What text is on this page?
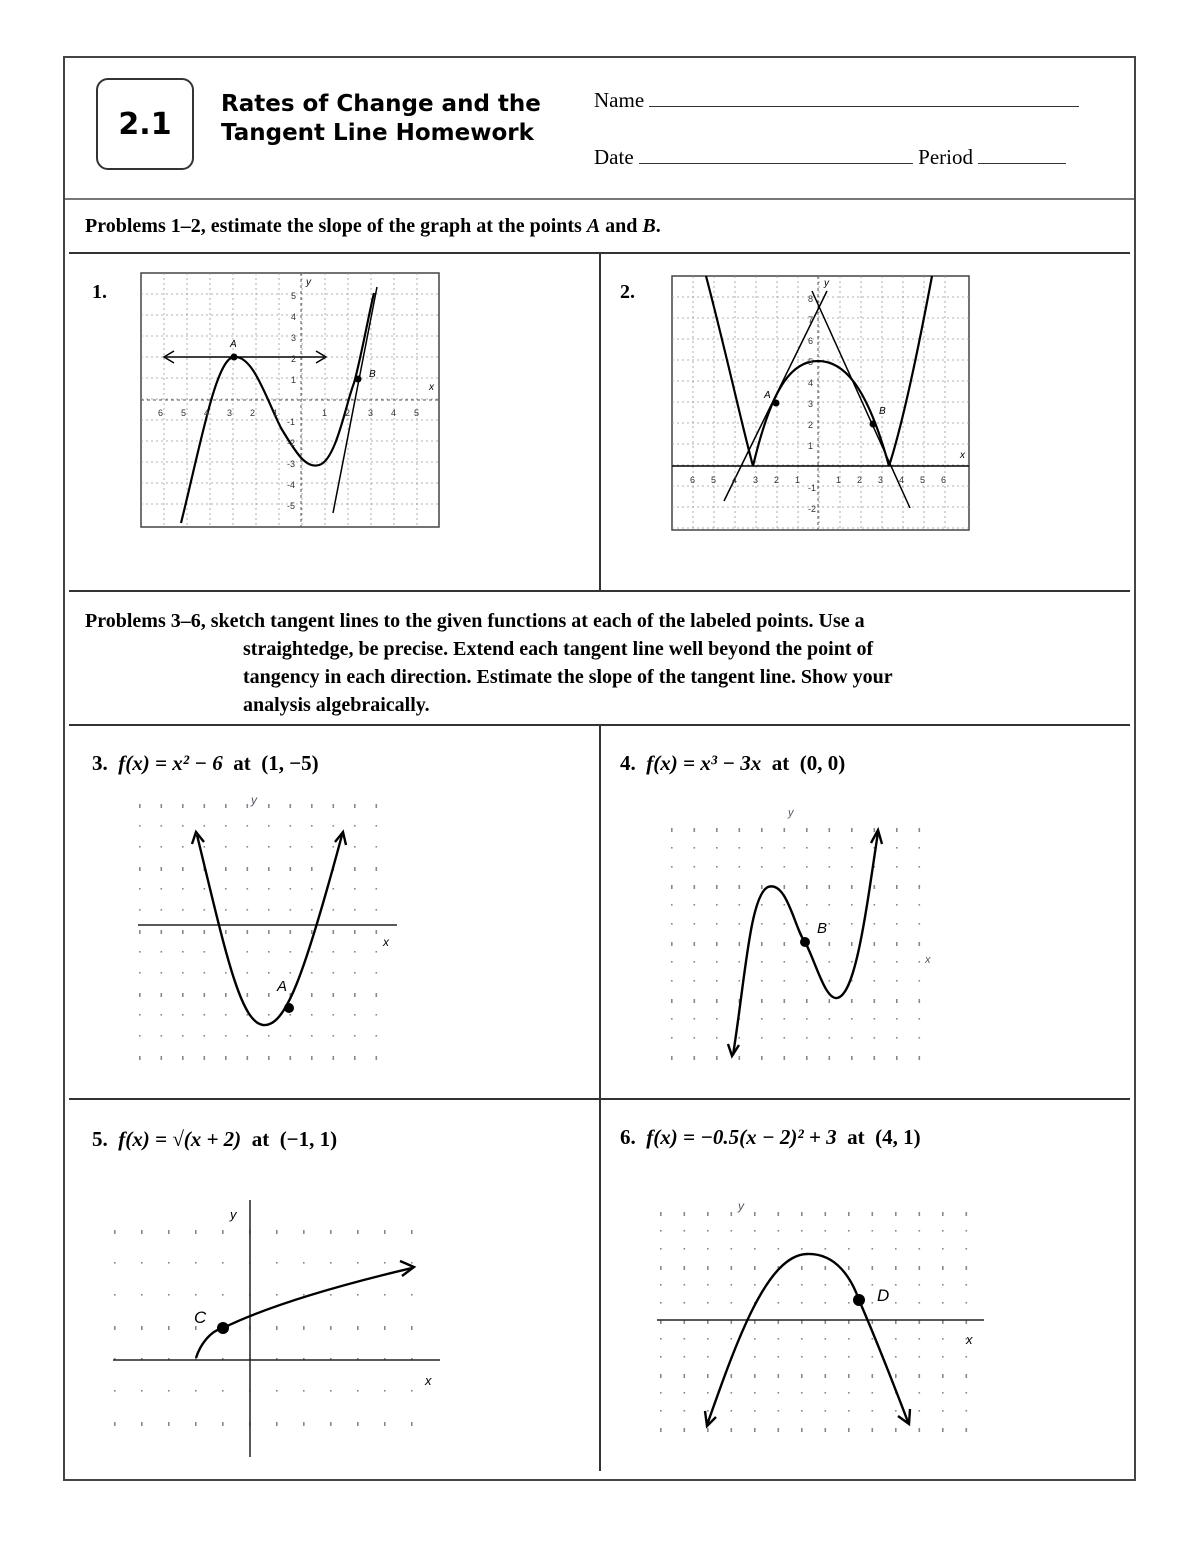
2.1
Rates of Change and the
Tangent Line Homework
Name
Date	Period
Problems 1–2, estimate the slope of the graph at the points A and B.
1.	2.
A
B
y
x
1
2
3
4
5
-1
-2
-3
-4
-5
6 5 4 3 2 1	1 2 3 4 5
A
B
y
x
8
7
6
5
4
3
2
1
-1
-2
6 5 4 3 2 1	1 2 3 4 5 6
Problems 3–6, sketch tangent lines to the given functions at each of the labeled points. Use a
straightedge, be precise. Extend each tangent line well beyond the point of
tangency in each direction. Estimate the slope of the tangent line. Show your
analysis algebraically.
3. f(x) = x² − 6 at (1, −5)
x
y
A
4. f(x) = x³ − 3x at (0, 0)
y
x
B
5. f(x) = √(x + 2) at (−1, 1)
x
y
C
6. f(x) = −0.5(x − 2)² + 3 at (4, 1)
x
y
D
